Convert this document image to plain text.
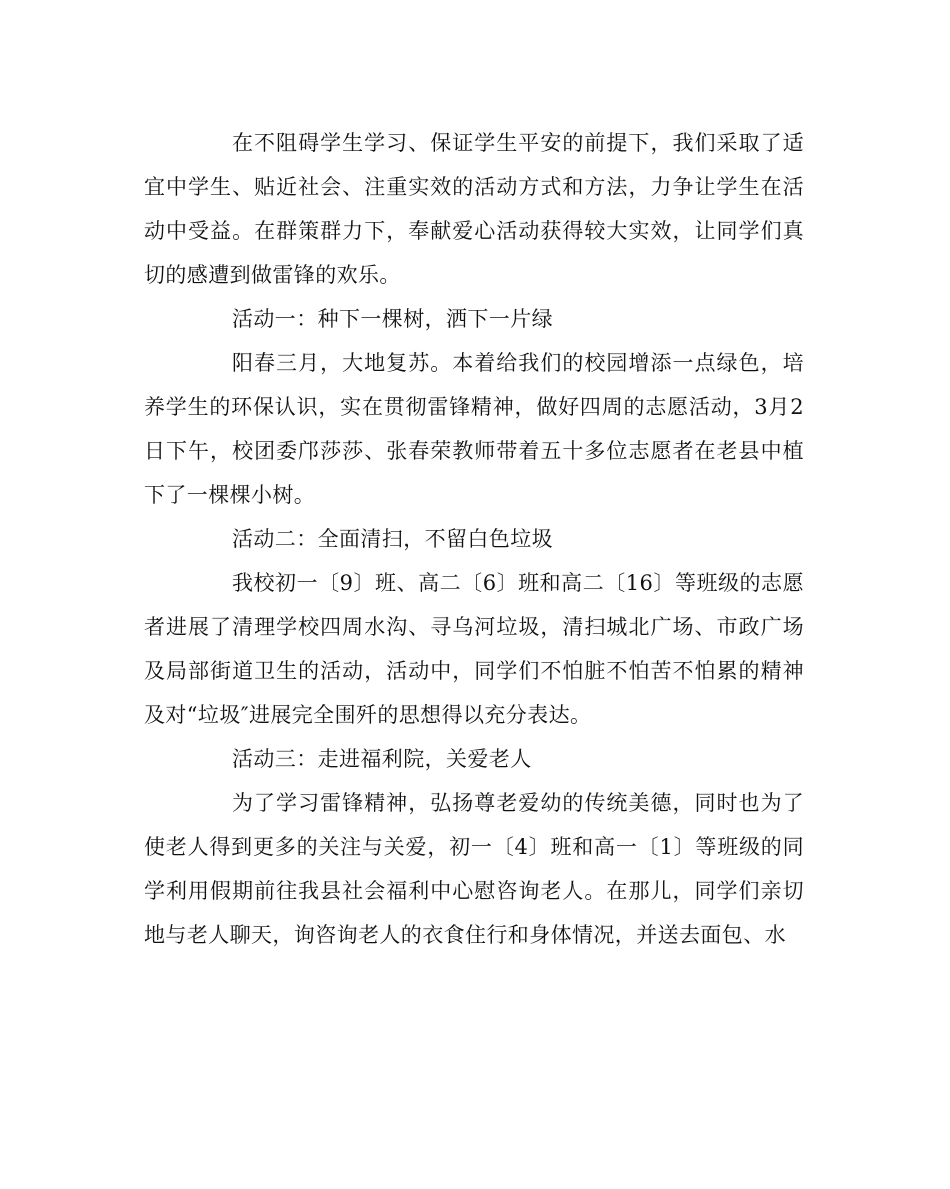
在不阻碍学生学习、保证学生平安的前提下，我们采取了适宜中学生、贴近社会、注重实效的活动方式和方法，力争让学生在活动中受益。在群策群力下，奉献爱心活动获得较大实效，让同学们真切的感遭到做雷锋的欢乐。

活动一：种下一棵树，洒下一片绿

阳春三月，大地复苏。本着给我们的校园增添一点绿色，培养学生的环保认识，实在贯彻雷锋精神，做好四周的志愿活动，3月2日下午，校团委邝莎莎、张春荣教师带着五十多位志愿者在老县中植下了一棵棵小树。

活动二：全面清扫，不留白色垃圾

我校初一〔9〕班、高二〔6〕班和高二〔16〕等班级的志愿者进展了清理学校四周水沟、寻乌河垃圾，清扫城北广场、市政广场及局部街道卫生的活动，活动中，同学们不怕脏不怕苦不怕累的精神及对“垃圾″进展完全围歼的思想得以充分表达。

活动三：走进福利院，关爱老人

为了学习雷锋精神，弘扬尊老爱幼的传统美德，同时也为了使老人得到更多的关注与关爱，初一〔4〕班和高一〔1〕等班级的同学利用假期前往我县社会福利中心慰咨询老人。在那儿，同学们亲切地与老人聊天，询咨询老人的衣食住行和身体情况，并送去面包、水
